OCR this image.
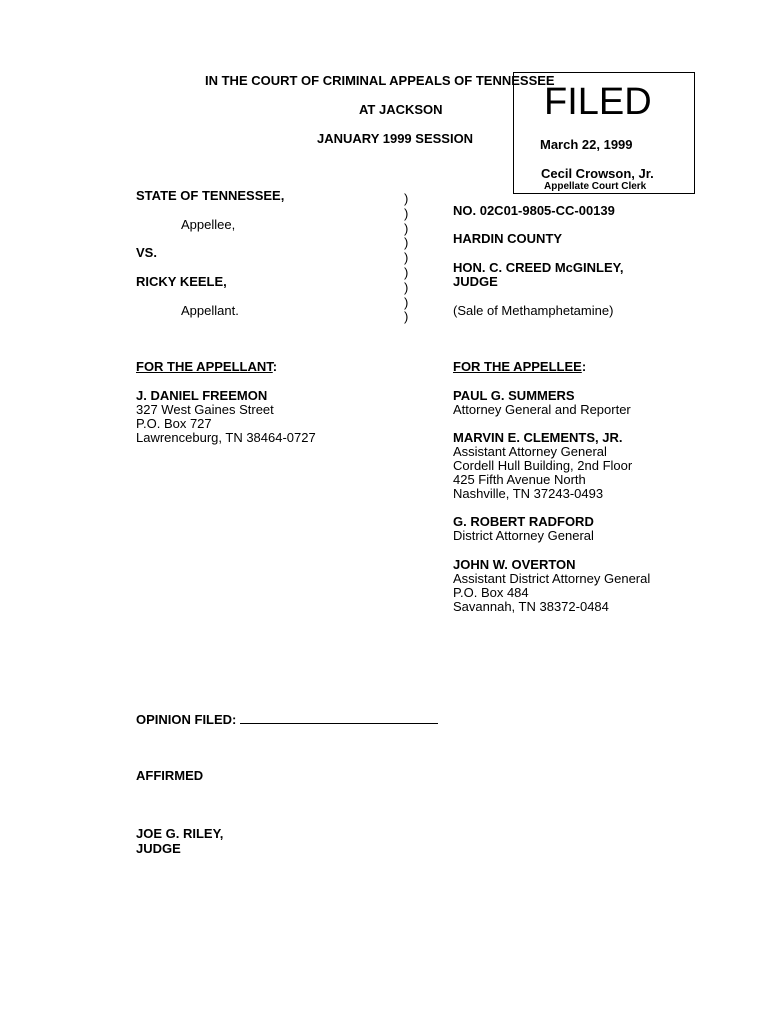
IN THE COURT OF CRIMINAL APPEALS OF TENNESSEE
AT JACKSON
JANUARY 1999 SESSION
FILED
March 22, 1999
Cecil Crowson, Jr.
Appellate Court Clerk
STATE OF TENNESSEE,
Appellee,
VS.
RICKY KEELE,
Appellant.
)
)
)
)
)
)
)
)
)
NO. 02C01-9805-CC-00139
HARDIN COUNTY
HON. C. CREED McGINLEY,
JUDGE
(Sale of Methamphetamine)
FOR THE APPELLANT:	FOR THE APPELLEE:
J. DANIEL FREEMON
327 West Gaines Street
P.O. Box 727
Lawrenceburg, TN 38464-0727
PAUL G. SUMMERS
Attorney General and Reporter
MARVIN E. CLEMENTS, JR.
Assistant Attorney General
Cordell Hull Building, 2nd Floor
425 Fifth Avenue North
Nashville, TN 37243-0493
G. ROBERT RADFORD
District Attorney General
JOHN W. OVERTON
Assistant District Attorney General
P.O. Box 484
Savannah, TN 38372-0484
OPINION FILED:
AFFIRMED
JOE G. RILEY,
JUDGE
